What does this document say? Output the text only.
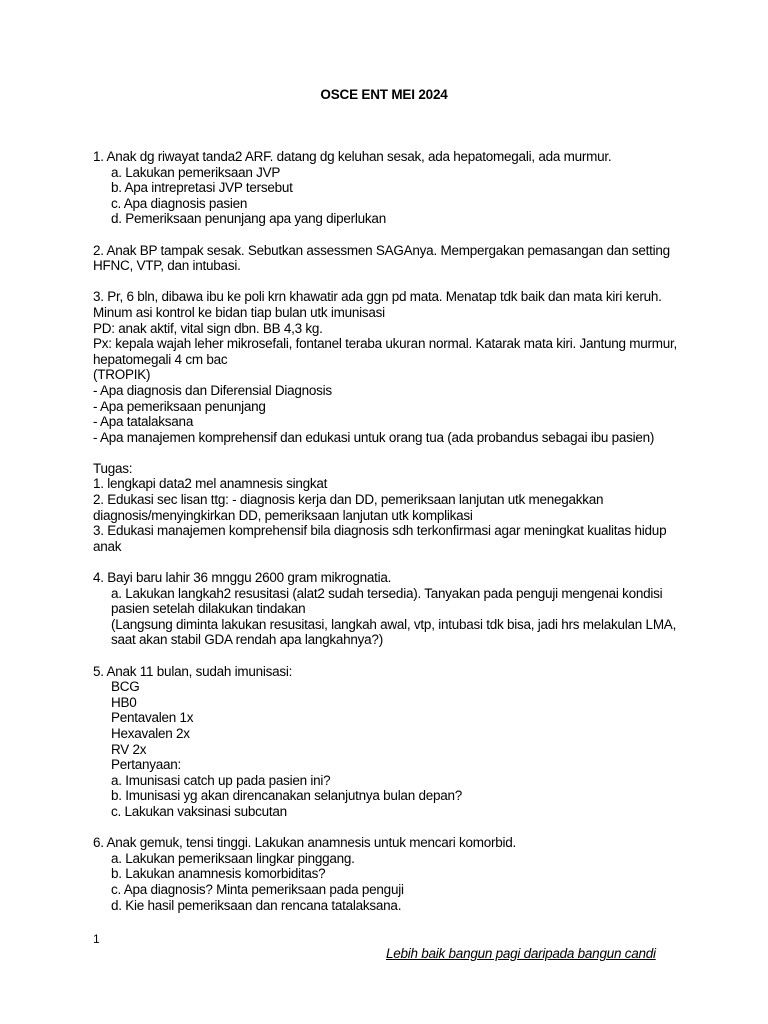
OSCE ENT MEI 2024
1. Anak dg riwayat tanda2 ARF. datang dg keluhan sesak, ada hepatomegali, ada murmur.
a. Lakukan pemeriksaan JVP
b. Apa intrepretasi JVP tersebut
c. Apa diagnosis pasien
d. Pemeriksaan penunjang apa yang diperlukan
2. Anak BP tampak sesak. Sebutkan assessmen SAGAnya. Mempergakan pemasangan dan setting
HFNC, VTP, dan intubasi.
3. Pr, 6 bln, dibawa ibu ke poli krn khawatir ada ggn pd mata. Menatap tdk baik dan mata kiri keruh.
Minum asi kontrol ke bidan tiap bulan utk imunisasi
PD: anak aktif, vital sign dbn. BB 4,3 kg.
Px: kepala wajah leher mikrosefali, fontanel teraba ukuran normal. Katarak mata kiri. Jantung murmur,
hepatomegali 4 cm bac
(TROPIK)
- Apa diagnosis dan Diferensial Diagnosis
- Apa pemeriksaan penunjang
- Apa tatalaksana
- Apa manajemen komprehensif dan edukasi untuk orang tua (ada probandus sebagai ibu pasien)
Tugas:
1. lengkapi data2 mel anamnesis singkat
2. Edukasi sec lisan ttg: - diagnosis kerja dan DD, pemeriksaan lanjutan utk menegakkan
diagnosis/menyingkirkan DD, pemeriksaan lanjutan utk komplikasi
3. Edukasi manajemen komprehensif bila diagnosis sdh terkonfirmasi agar meningkat kualitas hidup
anak
4. Bayi baru lahir 36 mnggu 2600 gram mikrognatia.
a. Lakukan langkah2 resusitasi (alat2 sudah tersedia). Tanyakan pada penguji mengenai kondisi
pasien setelah dilakukan tindakan
(Langsung diminta lakukan resusitasi, langkah awal, vtp, intubasi tdk bisa, jadi hrs melakulan LMA,
saat akan stabil GDA rendah apa langkahnya?)
5. Anak 11 bulan, sudah imunisasi:
BCG
HB0
Pentavalen 1x
Hexavalen 2x
RV 2x
Pertanyaan:
a. Imunisasi catch up pada pasien ini?
b. Imunisasi yg akan direncanakan selanjutnya bulan depan?
c. Lakukan vaksinasi subcutan
6. Anak gemuk, tensi tinggi. Lakukan anamnesis untuk mencari komorbid.
a. Lakukan pemeriksaan lingkar pinggang.
b. Lakukan anamnesis komorbiditas?
c. Apa diagnosis? Minta pemeriksaan pada penguji
d. Kie hasil pemeriksaan dan rencana tatalaksana.
1
Lebih baik bangun pagi daripada bangun candi
